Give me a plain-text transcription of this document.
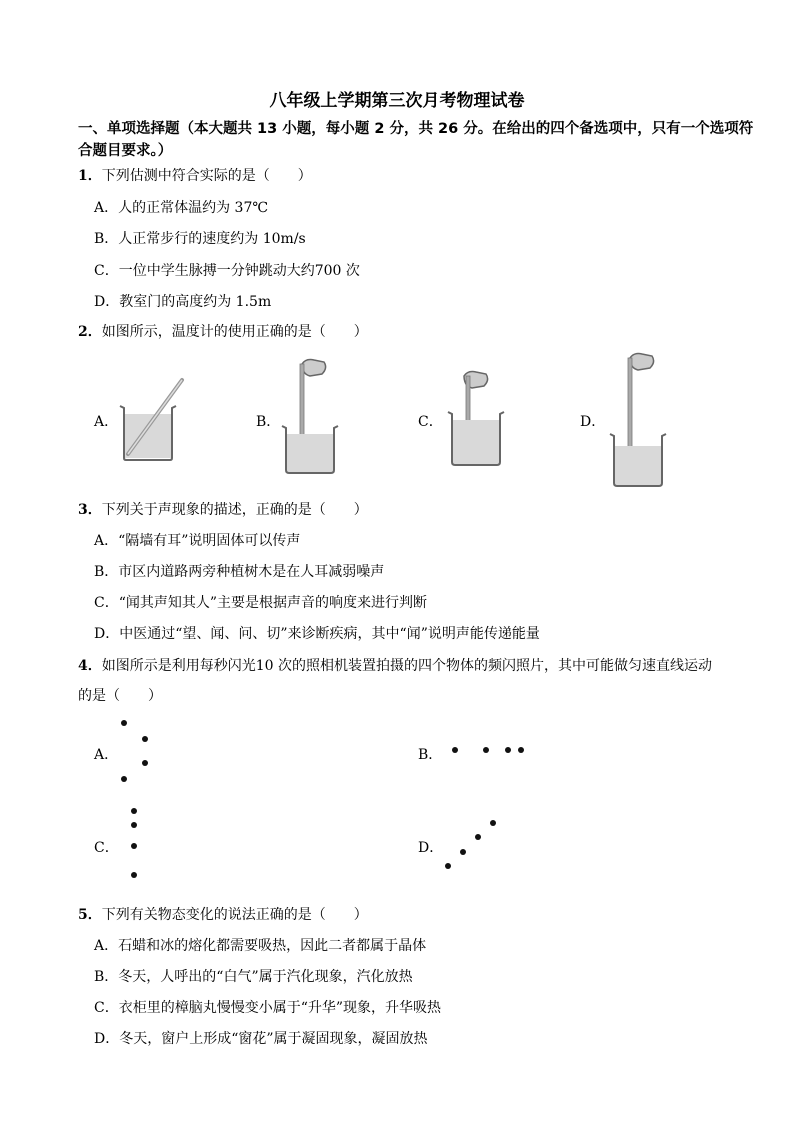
八年级上学期第三次月考物理试卷
一、单项选择题（本大题共 13 小题，每小题 2 分，共 26 分。在给出的四个备选项中，只有一个选项符合题目要求。）
1．下列估测中符合实际的是（　　）
A．人的正常体温约为 37℃
B．人正常步行的速度约为 10m/s
C．一位中学生脉搏一分钟跳动大约700 次
D．教室门的高度约为 1.5m
2．如图所示，温度计的使用正确的是（　　）
A．	B．	C．	D．
3．下列关于声现象的描述，正确的是（　　）
A．“隔墙有耳”说明固体可以传声
B．市区内道路两旁种植树木是在人耳减弱噪声
C．“闻其声知其人”主要是根据声音的响度来进行判断
D．中医通过“望、闻、问、切”来诊断疾病，其中“闻”说明声能传递能量
4．如图所示是利用每秒闪光10 次的照相机装置拍摄的四个物体的频闪照片，其中可能做匀速直线运动
的是（　　）
A．	B．
C．	D．
5．下列有关物态变化的说法正确的是（　　）
A．石蜡和冰的熔化都需要吸热，因此二者都属于晶体
B．冬天，人呼出的“白气”属于汽化现象，汽化放热
C．衣柜里的樟脑丸慢慢变小属于“升华”现象，升华吸热
D．冬天，窗户上形成“窗花”属于凝固现象，凝固放热
